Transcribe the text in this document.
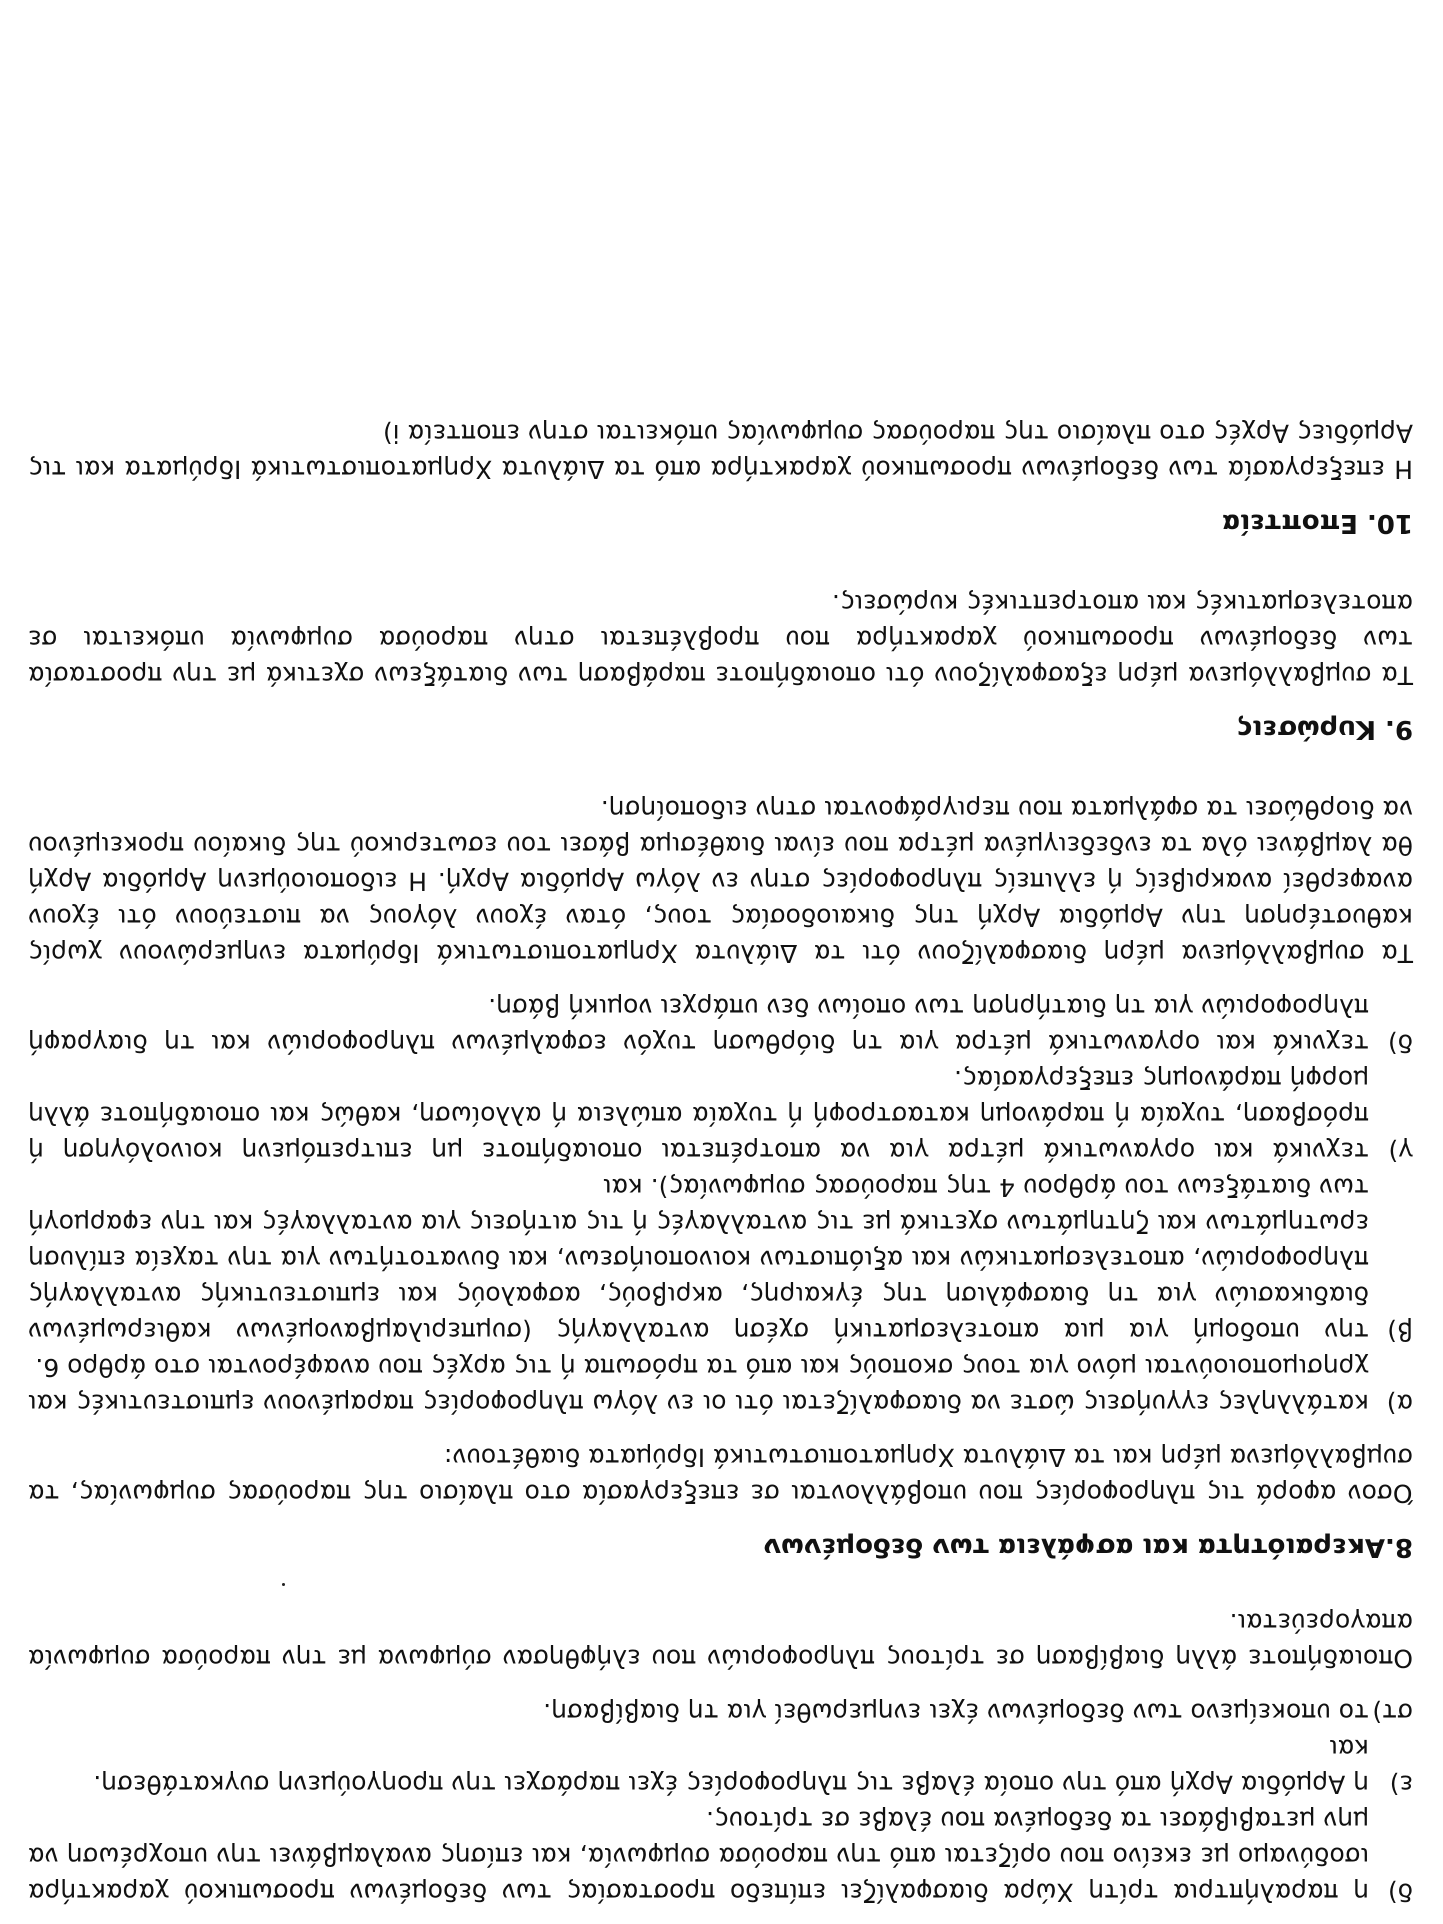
δ)
η παραλήπτρια τρίτη Χώρα διασφαλίζει επίπεδο προστασίας των δεδομένων προσωπικού χαρακτήρα ισοδύναμο με εκείνο που ορίζεται από την παρούσα συμφωνία, και επίσης αναλαμβάνει την υποχρέωση να μην μεταβιβάσει τα δεδομένα που έλαβε σε τρίτους.
ε)
η Αρμόδια Αρχή από την οποία έλαβε τις πληροφορίες έχει παράσχει την προηγούμενη συγκατάθεση.
και
στ)
το υποκείμενο των δεδομένων έχει ενημερωθεί για τη διαβίβαση.

Οποιαδήποτε άλλη διαβίβαση σε τρίτους πληροφοριών που ελήφθησαν σύμφωνα με την παρούσα συμφωνία απαγορεύεται.

8.Ακεραιότητα και ασφάλεια των δεδομένων

Όσον αφορά τις πληροφορίες που υποβάλλονται σε επεξεργασία στο πλαίσιο της παρούσας συμφωνίας, τα συμβαλλόμενα μέρη και τα Διάλυτα Χρηματοπιστωτικά Ιδρύματα διαθέτουν:

α)
κατάλληλες εγγυήσεις ώστε να διασφαλίζεται ότι οι εν λόγω πληροφορίες παραμένουν εμπιστευτικές και χρησιμοποιούνται μόνο για τους σκοπούς και από τα πρόσωπα ή τις αρχές που αναφέρονται στο άρθρο 6.
β)
την υποδομή για μια αποτελεσματική σχέση ανταλλαγής (συμπεριλαμβανομένων καθιερωμένων διαδικασιών για τη διασφάλιση της έγκαιρης, ακριβούς, ασφαλούς και εμπιστευτικής ανταλλαγής πληροφοριών, αποτελεσματικών και αξιόπιστων κοινοποιήσεων, και δυνατοτήτων για την ταχεία επίλυση ερωτημάτων και ζητημάτων σχετικά με τις ανταλλαγές ή τις αιτήσεις για ανταλλαγές και την εφαρμογή των διατάξεων του άρθρου 4 της παρούσας συμφωνίας). και
γ)
τεχνικά και οργανωτικά μέτρα για να αποτρέπεται οποιαδήποτε μη επιτρεπόμενη κοινολόγηση ή πρόσβαση, τυχαία ή παράνομη καταστροφή ή τυχαία απώλεια ή αλλοίωση, καθώς και οποιαδήποτε άλλη μορφή παράνομης επεξεργασίας.
δ)
τεχνικά και οργανωτικά μέτρα για τη διόρθωση τυχόν εσφαλμένων πληροφοριών και τη διαγραφή πληροφοριών για τη διατήρηση των οποίων δεν υπάρχει νομική βάση.

Τα συμβαλλόμενα μέρη διασφαλίζουν ότι τα Διάλυτα Χρηματοπιστωτικά Ιδρύματα ενημερώνουν χωρίς καθυστέρηση την Αρμόδια Αρχή της δικαιοδοσίας τους, όταν έχουν λόγους να πιστεύουν ότι έχουν αναφερθεί ανακριβείς ή ελλιπείς πληροφορίες στην εν λόγω Αρμόδια Αρχή. Η ειδοποιούμενη Αρμόδια Αρχή θα λαμβάνει όλα τα ενδεδειγμένα μέτρα που είναι διαθέσιμα βάσει του εσωτερικού της δικαίου προκειμένου να διορθώσει τα σφάλματα που περιγράφονται στην ειδοποίηση.

9. Κυρώσεις

Τα συμβαλλόμενα μέρη εξασφαλίζουν ότι οποιαδήποτε παράβαση των διατάξεων σχετικά με την προστασία των δεδομένων προσωπικού χαρακτήρα που προβλέπεται στην παρούσα συμφωνία υπόκειται σε αποτελεσματικές και αποτρεπτικές κυρώσεις.

10. Εποπτεία

Η επεξεργασία των δεδομένων προσωπικού χαρακτήρα από τα Διάλυτα Χρηματοπιστωτικά Ιδρύματα και τις Αρμόδιες Αρχές στο πλαίσιο της παρούσας συμφωνίας υπόκειται στην εποπτεία i)
